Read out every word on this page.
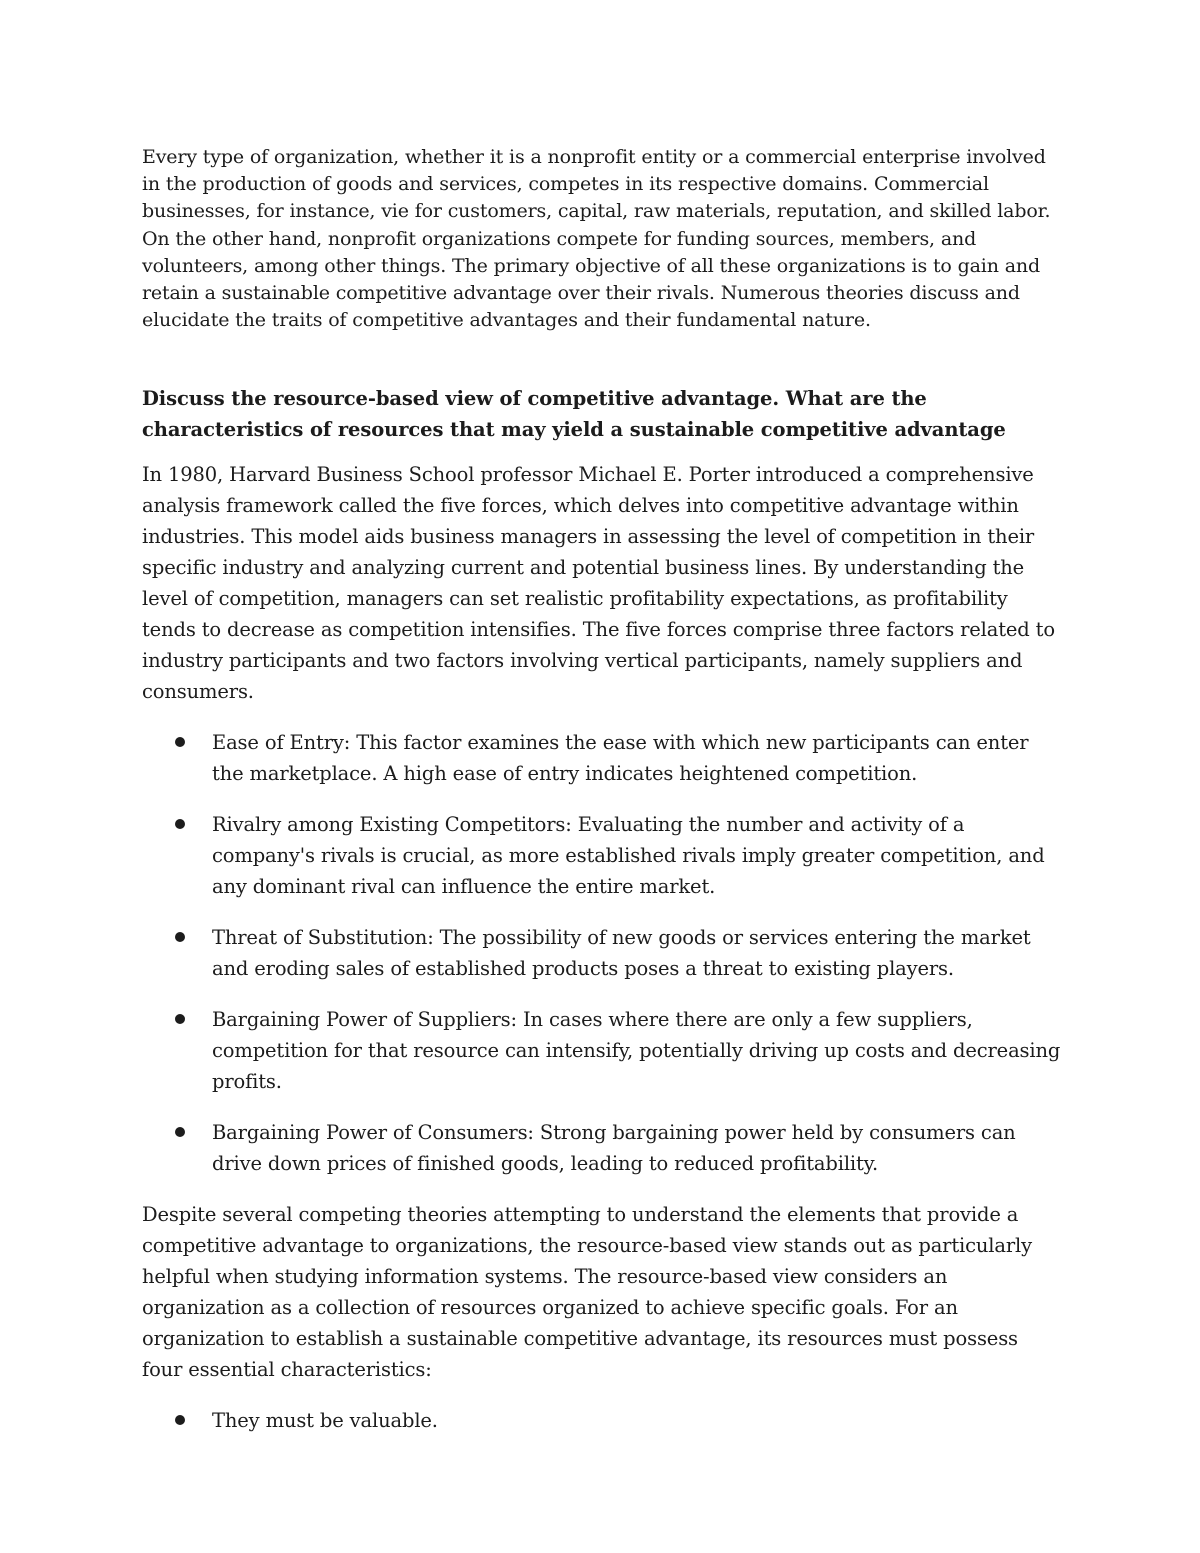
Every type of organization, whether it is a nonprofit entity or a commercial enterprise involved in the production of goods and services, competes in its respective domains. Commercial businesses, for instance, vie for customers, capital, raw materials, reputation, and skilled labor. On the other hand, nonprofit organizations compete for funding sources, members, and volunteers, among other things. The primary objective of all these organizations is to gain and retain a sustainable competitive advantage over their rivals. Numerous theories discuss and elucidate the traits of competitive advantages and their fundamental nature.

Discuss the resource-based view of competitive advantage. What are the characteristics of resources that may yield a sustainable competitive advantage

In 1980, Harvard Business School professor Michael E. Porter introduced a comprehensive analysis framework called the five forces, which delves into competitive advantage within industries. This model aids business managers in assessing the level of competition in their specific industry and analyzing current and potential business lines. By understanding the level of competition, managers can set realistic profitability expectations, as profitability tends to decrease as competition intensifies. The five forces comprise three factors related to industry participants and two factors involving vertical participants, namely suppliers and consumers.

Ease of Entry: This factor examines the ease with which new participants can enter the marketplace. A high ease of entry indicates heightened competition.
Rivalry among Existing Competitors: Evaluating the number and activity of a company's rivals is crucial, as more established rivals imply greater competition, and any dominant rival can influence the entire market.
Threat of Substitution: The possibility of new goods or services entering the market and eroding sales of established products poses a threat to existing players.
Bargaining Power of Suppliers: In cases where there are only a few suppliers, competition for that resource can intensify, potentially driving up costs and decreasing profits.
Bargaining Power of Consumers: Strong bargaining power held by consumers can drive down prices of finished goods, leading to reduced profitability.

Despite several competing theories attempting to understand the elements that provide a competitive advantage to organizations, the resource-based view stands out as particularly helpful when studying information systems. The resource-based view considers an organization as a collection of resources organized to achieve specific goals. For an organization to establish a sustainable competitive advantage, its resources must possess four essential characteristics:

They must be valuable.
